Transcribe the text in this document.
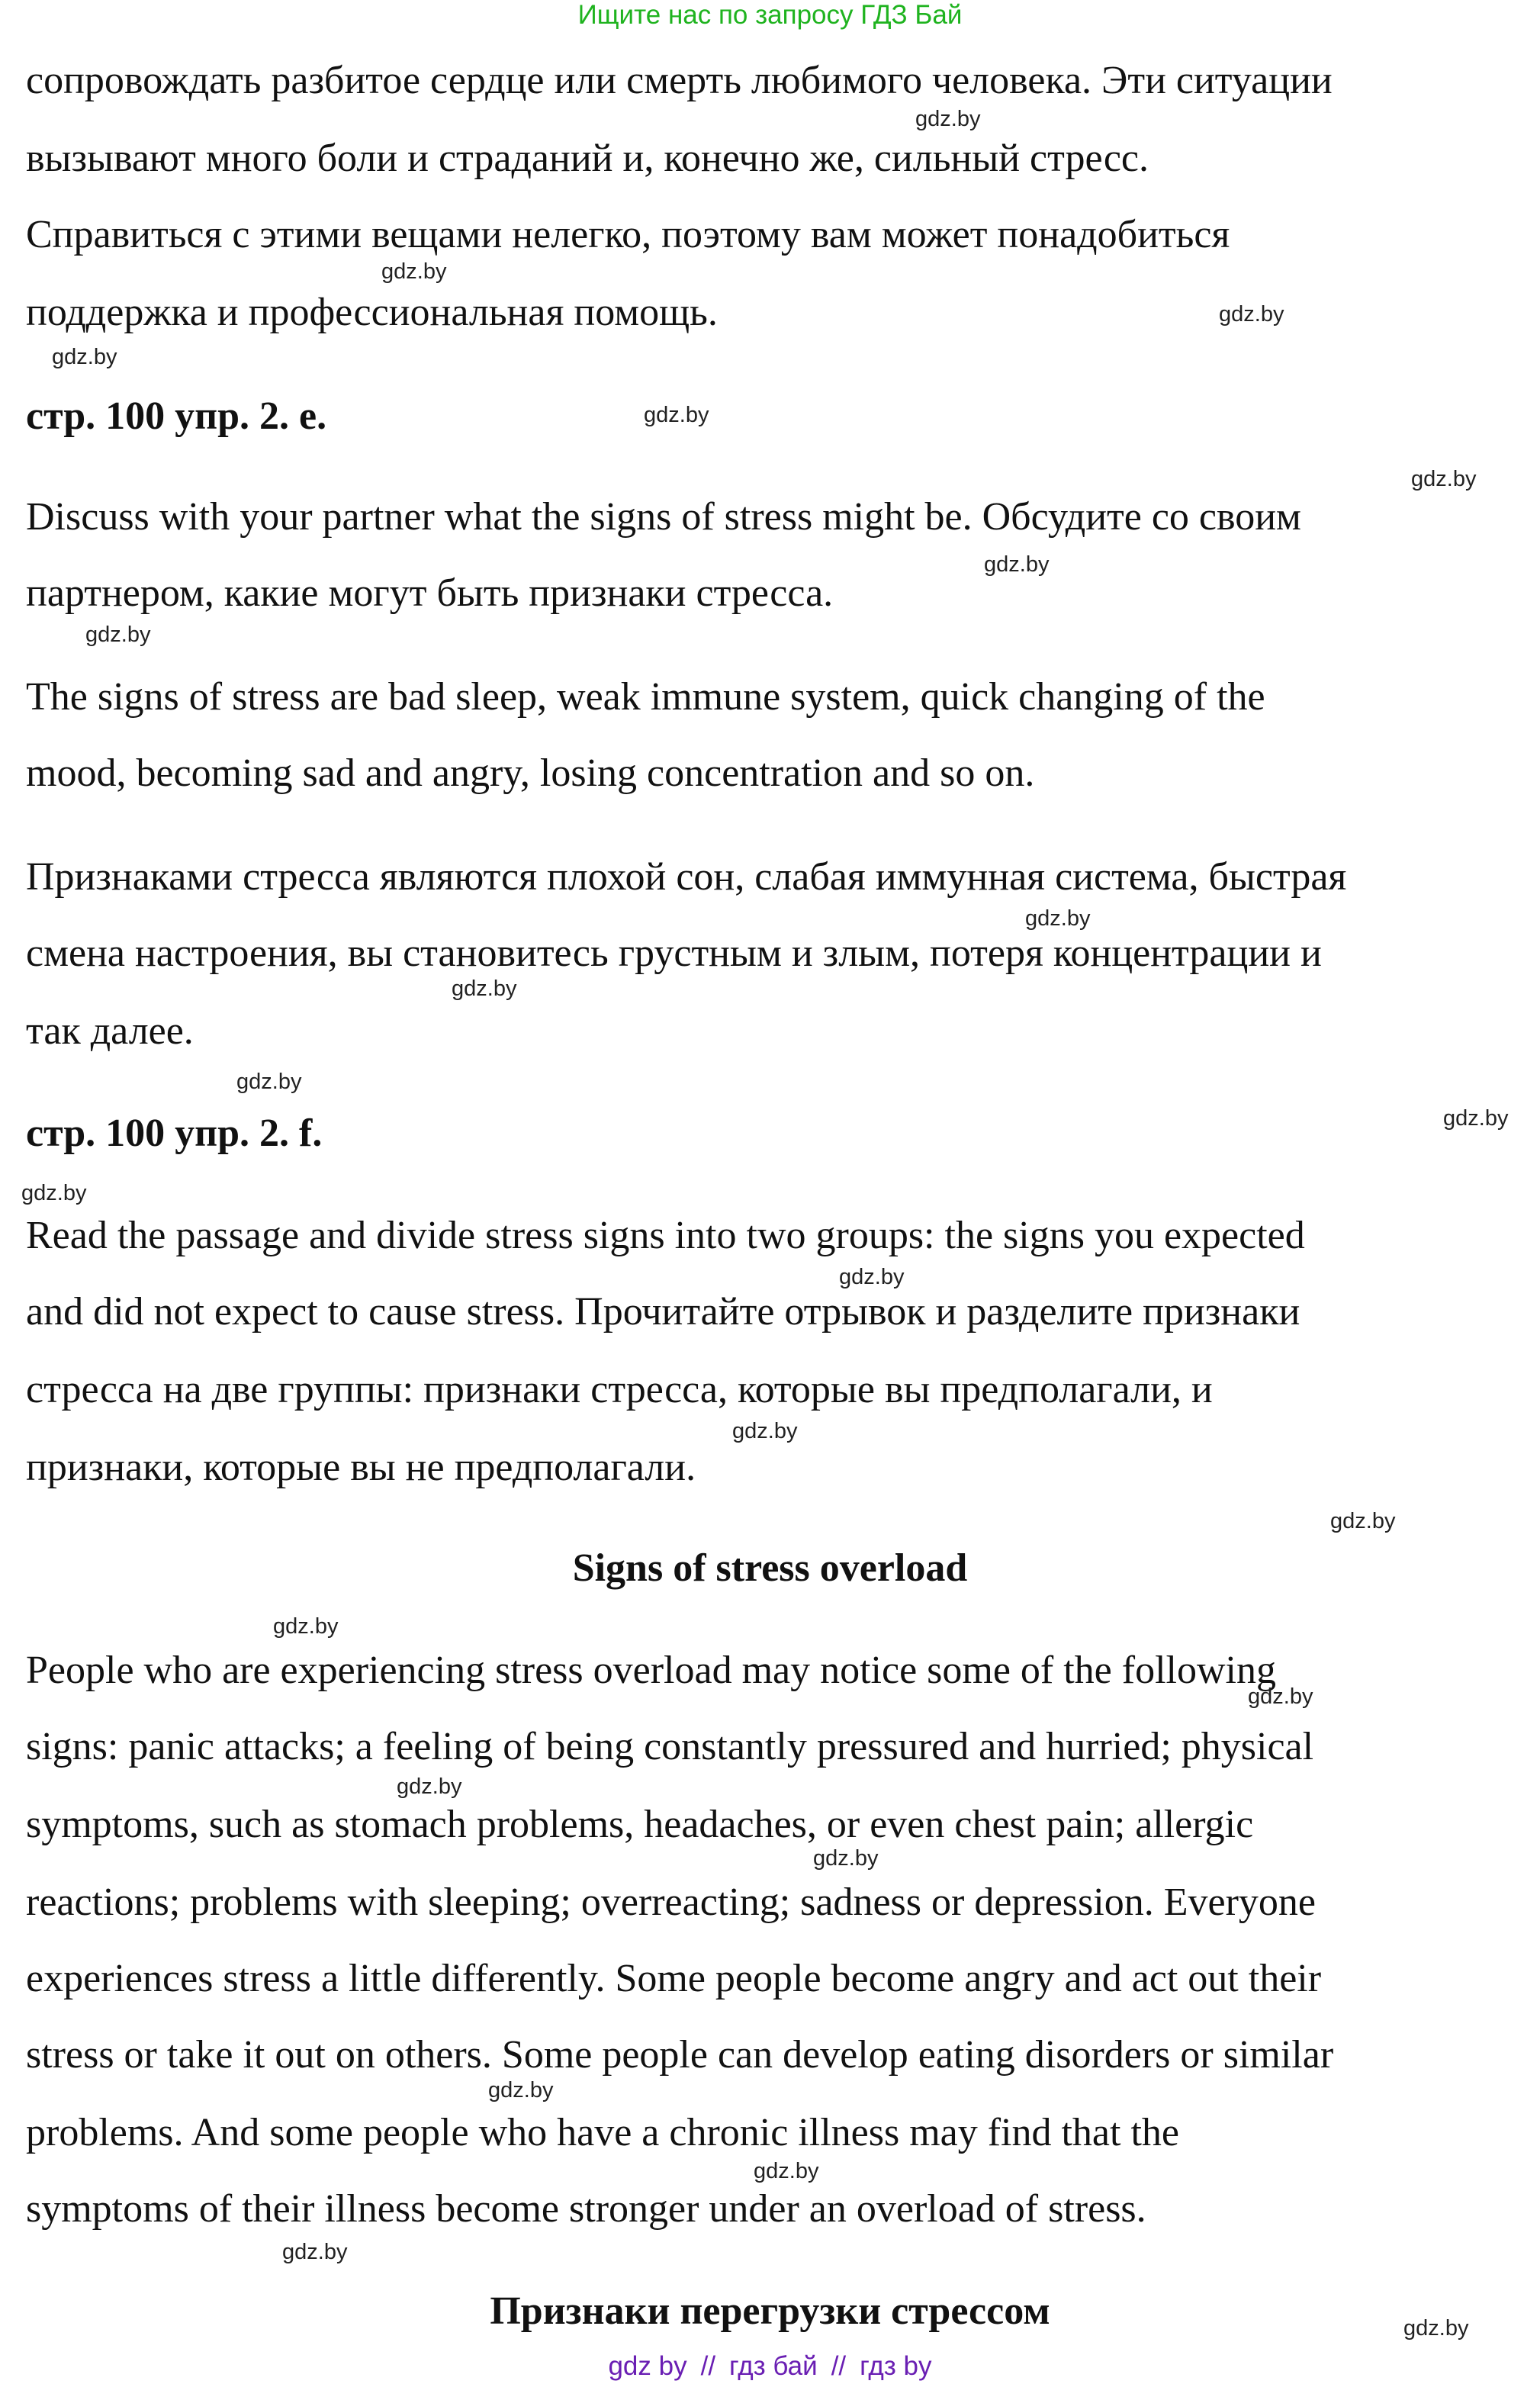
Ищите нас по запросу ГДЗ Бай
сопровождать разбитое сердце или смерть любимого человека. Эти ситуации
вызывают много боли и страданий и, конечно же, сильный стресс.
Справиться с этими вещами нелегко, поэтому вам может понадобиться
поддержка и профессиональная помощь.
стр. 100 упр. 2. e.
Discuss with your partner what the signs of stress might be. Обсудите со своим
партнером, какие могут быть признаки стресса.
The signs of stress are bad sleep, weak immune system, quick changing of the
mood, becoming sad and angry, losing concentration and so on.
Признаками стресса являются плохой сон, слабая иммунная система, быстрая
смена настроения, вы становитесь грустным и злым, потеря концентрации и
так далее.
стр. 100 упр. 2. f.
Read the passage and divide stress signs into two groups: the signs you expected
and did not expect to cause stress. Прочитайте отрывок и разделите признаки
стресса на две группы: признаки стресса, которые вы предполагали, и
признаки, которые вы не предполагали.
Signs of stress overload
People who are experiencing stress overload may notice some of the following
signs: panic attacks; a feeling of being constantly pressured and hurried; physical
symptoms, such as stomach problems, headaches, or even chest pain; allergic
reactions; problems with sleeping; overreacting; sadness or depression. Everyone
experiences stress a little differently. Some people become angry and act out their
stress or take it out on others. Some people can develop eating disorders or similar
problems. And some people who have a chronic illness may find that the
symptoms of their illness become stronger under an overload of stress.
Признаки перегрузки стрессом
gdz.by
gdz.by
gdz.by
gdz.by
gdz.by
gdz.by
gdz.by
gdz.by
gdz.by
gdz.by
gdz.by
gdz.by
gdz.by
gdz.by
gdz.by
gdz.by
gdz.by
gdz.by
gdz.by
gdz.by
gdz.by
gdz.by
gdz.by
gdz.by
gdz by // гдз бай // гдз by
